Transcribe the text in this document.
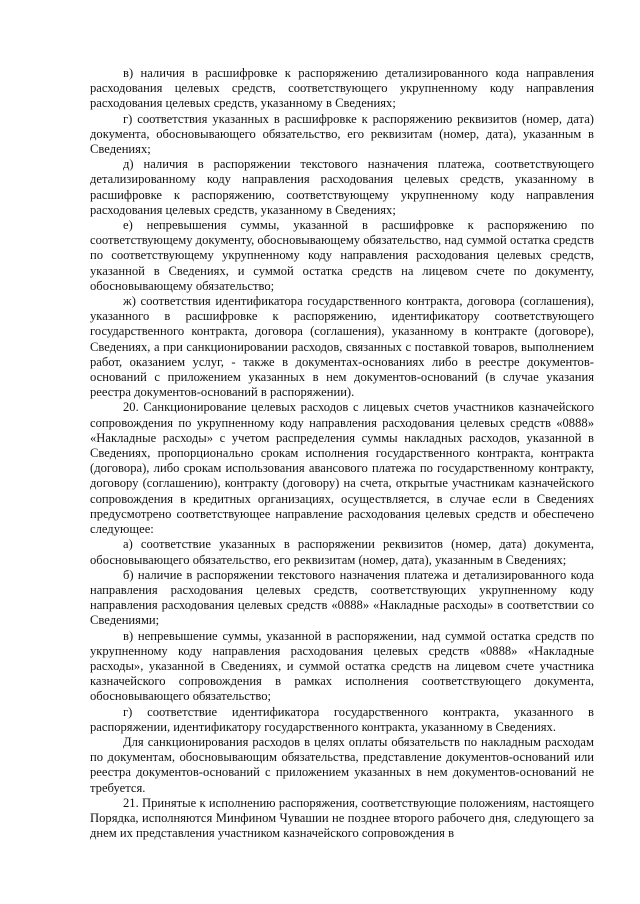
в) наличия в расшифровке к распоряжению детализированного кода направления расходования целевых средств, соответствующего укрупненному коду направления расходования целевых средств, указанному в Сведениях;

г) соответствия указанных в расшифровке к распоряжению реквизитов (номер, дата) документа, обосновывающего обязательство, его реквизитам (номер, дата), указанным в Сведениях;

д) наличия в распоряжении текстового назначения платежа, соответствующего детализированному коду направления расходования целевых средств, указанному в расшифровке к распоряжению, соответствующему укрупненному коду направления расходования целевых средств, указанному в Сведениях;

е) непревышения суммы, указанной в расшифровке к распоряжению по соответствующему документу, обосновывающему обязательство, над суммой остатка средств по соответствующему укрупненному коду направления расходования целевых средств, указанной в Сведениях, и суммой остатка средств на лицевом счете по документу, обосновывающему обязательство;

ж) соответствия идентификатора государственного контракта, договора (соглашения), указанного в расшифровке к распоряжению, идентификатору соответствующего государственного контракта, договора (соглашения), указанному в контракте (договоре), Сведениях, а при санкционировании расходов, связанных с поставкой товаров, выполнением работ, оказанием услуг, - также в документах-основаниях либо в реестре документов-оснований с приложением указанных в нем документов-оснований (в случае указания реестра документов-оснований в распоряжении).

20. Санкционирование целевых расходов с лицевых счетов участников казначейского сопровождения по укрупненному коду направления расходования целевых средств «0888» «Накладные расходы» с учетом распределения суммы накладных расходов, указанной в Сведениях, пропорционально срокам исполнения государственного контракта, контракта (договора), либо срокам использования авансового платежа по государственному контракту, договору (соглашению), контракту (договору) на счета, открытые участникам казначейского сопровождения в кредитных организациях, осуществляется, в случае если в Сведениях предусмотрено соответствующее направление расходования целевых средств и обеспечено следующее:

а) соответствие указанных в распоряжении реквизитов (номер, дата) документа, обосновывающего обязательство, его реквизитам (номер, дата), указанным в Сведениях;

б) наличие в распоряжении текстового назначения платежа и детализированного кода направления расходования целевых средств, соответствующих укрупненному коду направления расходования целевых средств «0888» «Накладные расходы» в соответствии со Сведениями;

в) непревышение суммы, указанной в распоряжении, над суммой остатка средств по укрупненному коду направления расходования целевых средств «0888» «Накладные расходы», указанной в Сведениях, и суммой остатка средств на лицевом счете участника казначейского сопровождения в рамках исполнения соответствующего документа, обосновывающего обязательство;

г) соответствие идентификатора государственного контракта, указанного в распоряжении, идентификатору государственного контракта, указанному в Сведениях.

Для санкционирования расходов в целях оплаты обязательств по накладным расходам по документам, обосновывающим обязательства, представление документов-оснований или реестра документов-оснований с приложением указанных в нем документов-оснований не требуется.

21. Принятые к исполнению распоряжения, соответствующие положениям, настоящего Порядка, исполняются Минфином Чувашии не позднее второго рабочего дня, следующего за днем их представления участником казначейского сопровождения в
